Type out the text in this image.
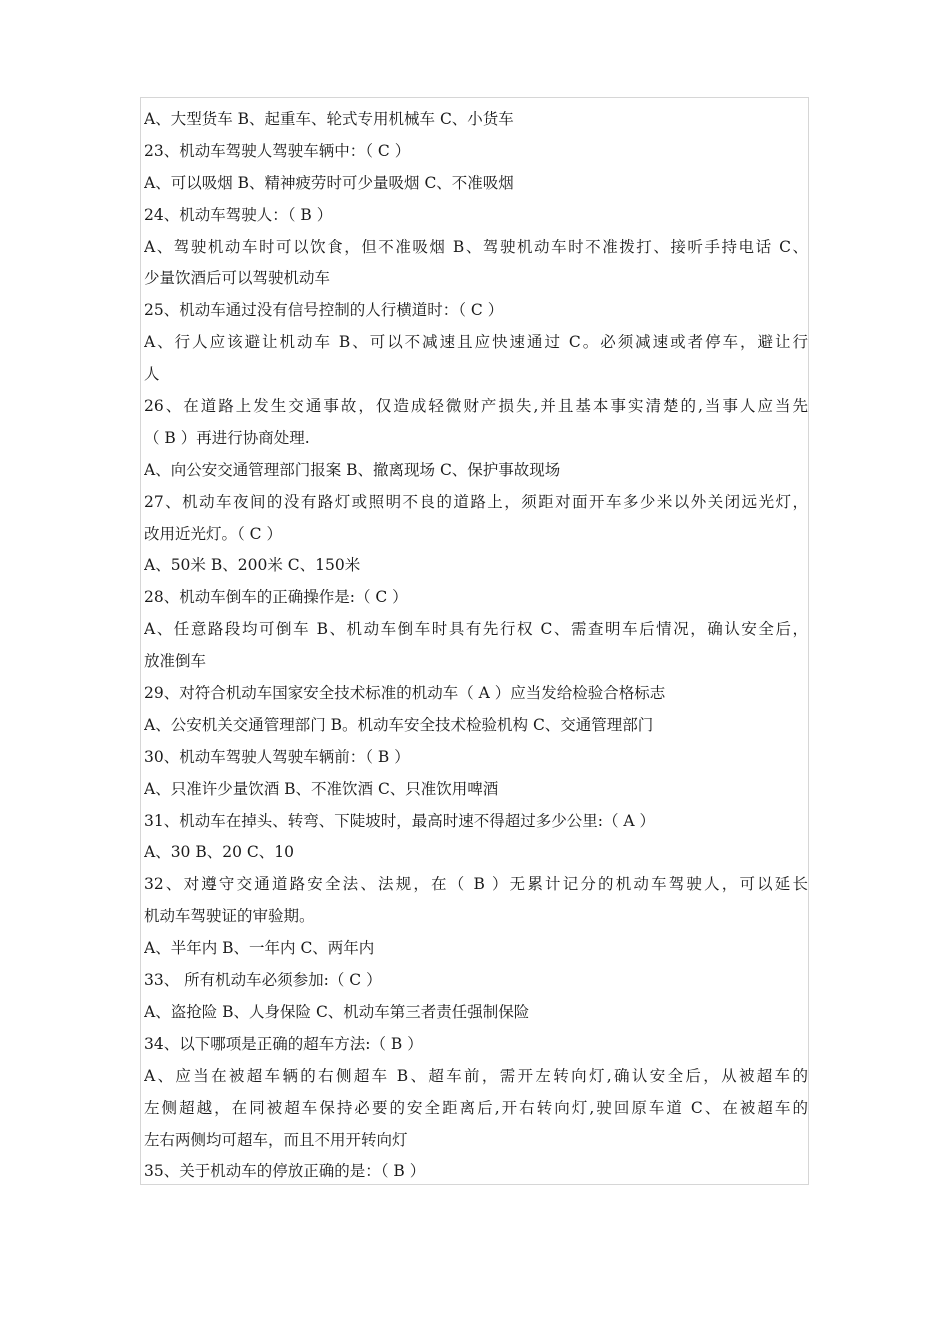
A、大型货车 B、起重车、轮式专用机械车 C、小货车
23、机动车驾驶人驾驶车辆中：（ C ）
A、可以吸烟 B、精神疲劳时可少量吸烟 C、不准吸烟
24、机动车驾驶人：（ B ）
A、驾驶机动车时可以饮食，但不准吸烟 B、驾驶机动车时不准拨打、接听手持电话 C、
少量饮酒后可以驾驶机动车
25、机动车通过没有信号控制的人行横道时：（ C ）
A、行人应该避让机动车 B、可以不减速且应快速通过 C。必须减速或者停车，避让行
人
26、在道路上发生交通事故，仅造成轻微财产损失,并且基本事实清楚的,当事人应当先
（ B ）再进行协商处理.
A、向公安交通管理部门报案 B、撤离现场 C、保护事故现场
27、机动车夜间的没有路灯或照明不良的道路上，须距对面开车多少米以外关闭远光灯，
改用近光灯。（ C ）
A、50米 B、200米 C、150米
28、机动车倒车的正确操作是:（ C ）
A、任意路段均可倒车 B、机动车倒车时具有先行权 C、需查明车后情况，确认安全后，
放准倒车
29、对符合机动车国家安全技术标准的机动车（ A ）应当发给检验合格标志
A、公安机关交通管理部门 B。机动车安全技术检验机构 C、交通管理部门
30、机动车驾驶人驾驶车辆前：（ B ）
A、只准许少量饮酒 B、不准饮酒 C、只准饮用啤酒
31、机动车在掉头、转弯、下陡坡时，最高时速不得超过多少公里:（ A ）
A、30 B、20 C、10
32、对遵守交通道路安全法、法规，在（ B ）无累计记分的机动车驾驶人，可以延长
机动车驾驶证的审验期。
A、半年内 B、一年内 C、两年内
33、 所有机动车必须参加:（ C ）
A、盗抢险 B、人身保险 C、机动车第三者责任强制保险
34、以下哪项是正确的超车方法:（ B ）
A、应当在被超车辆的右侧超车 B、超车前，需开左转向灯,确认安全后，从被超车的
左侧超越，在同被超车保持必要的安全距离后,开右转向灯,驶回原车道 C、在被超车的
左右两侧均可超车，而且不用开转向灯
35、关于机动车的停放正确的是：（ B ）
